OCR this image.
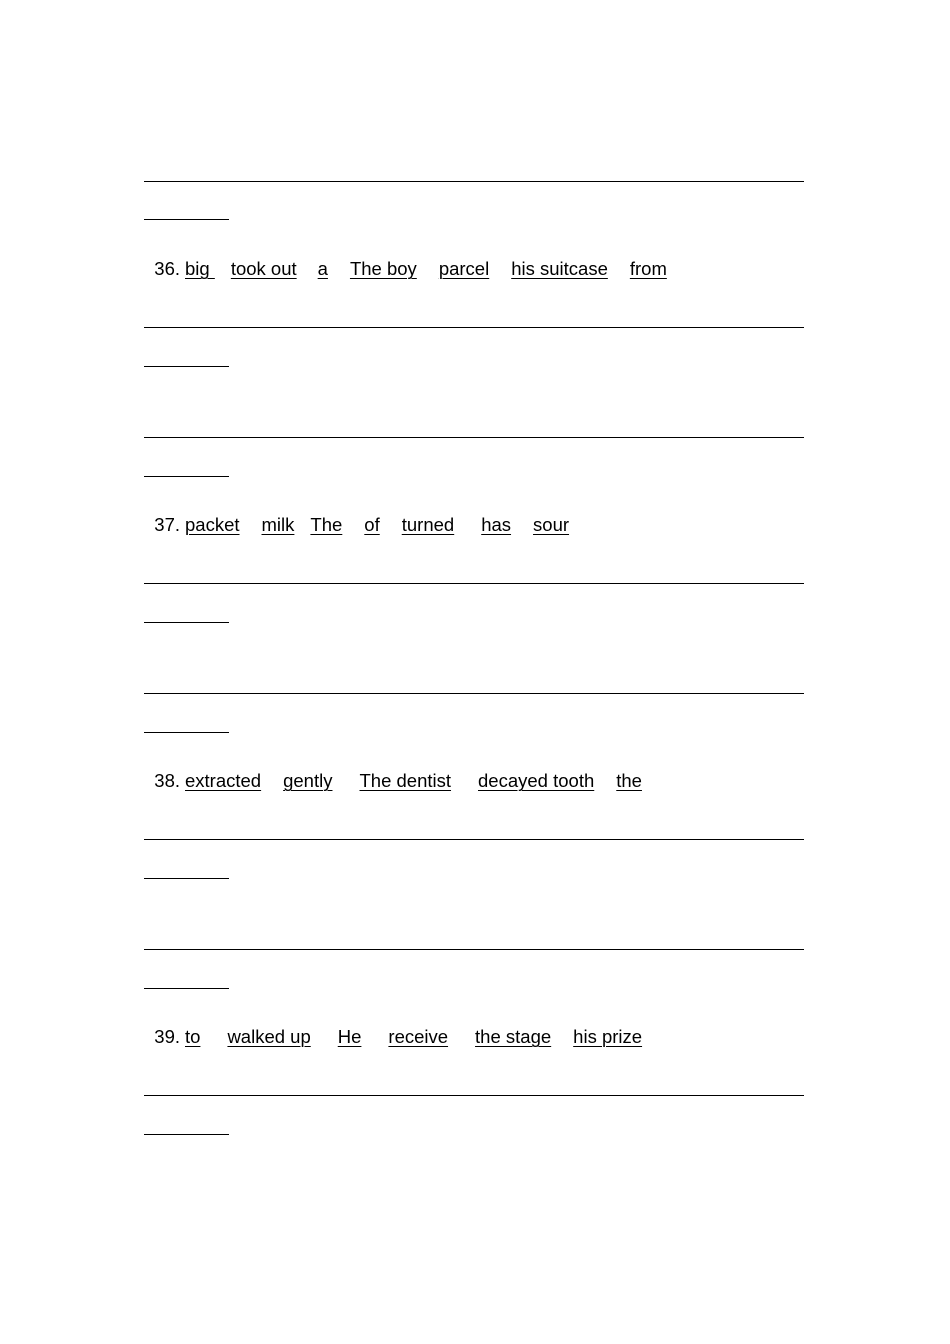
36. big took out a The boy parcel his suitcase from

37. packet milk The of turned has sour

38. extracted gently The dentist decayed tooth the

39. to walked up He receive the stage his prize
